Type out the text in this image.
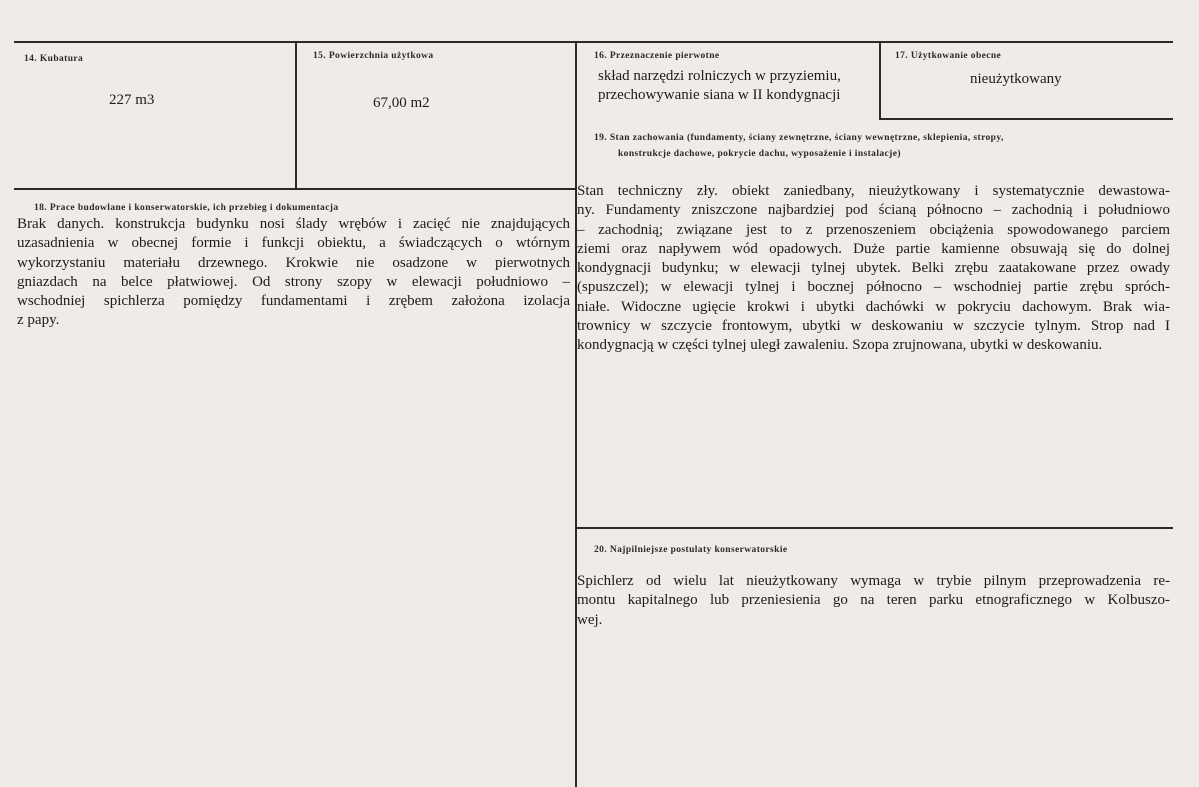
14. Kubatura
227 m3
15. Powierzchnia użytkowa
67,00 m2
16. Przeznaczenie pierwotne
skład narzędzi rolniczych w przyziemiu,
przechowywanie siana w II kondygnacji
17. Użytkowanie obecne
nieużytkowany
19. Stan zachowania (fundamenty, ściany zewnętrzne, ściany wewnętrzne, sklepienia, stropy,
konstrukcje dachowe, pokrycie dachu, wyposażenie i instalacje)
Stan techniczny zły. obiekt zaniedbany, nieużytkowany i systematycznie dewastowa-
ny. Fundamenty zniszczone najbardziej pod ścianą północno – zachodnią i południowo
– zachodnią; związane jest to z przenoszeniem obciążenia spowodowanego parciem
ziemi oraz napływem wód opadowych. Duże partie kamienne obsuwają się do dolnej
kondygnacji budynku; w elewacji tylnej ubytek. Belki zrębu zaatakowane przez owady
(spuszczel); w elewacji tylnej i bocznej północno – wschodniej partie zrębu spróch-
niałe. Widoczne ugięcie krokwi i ubytki dachówki w pokryciu dachowym. Brak wia-
trownicy w szczycie frontowym, ubytki w deskowaniu w szczycie tylnym. Strop nad I
kondygnacją w części tylnej uległ zawaleniu. Szopa zrujnowana, ubytki w deskowaniu.
18. Prace budowlane i konserwatorskie, ich przebieg i dokumentacja
Brak danych. konstrukcja budynku nosi ślady wrębów i zacięć nie znajdujących
uzasadnienia w obecnej formie i funkcji obiektu, a świadczących o wtórnym
wykorzystaniu materiału drzewnego. Krokwie nie osadzone w pierwotnych
gniazdach na belce płatwiowej. Od strony szopy w elewacji południowo –
wschodniej spichlerza pomiędzy fundamentami i zrębem założona izolacja
z papy.
20. Najpilniejsze postulaty konserwatorskie
Spichlerz od wielu lat nieużytkowany wymaga w trybie pilnym przeprowadzenia re-
montu kapitalnego lub przeniesienia go na teren parku etnograficznego w Kolbuszo-
wej.
